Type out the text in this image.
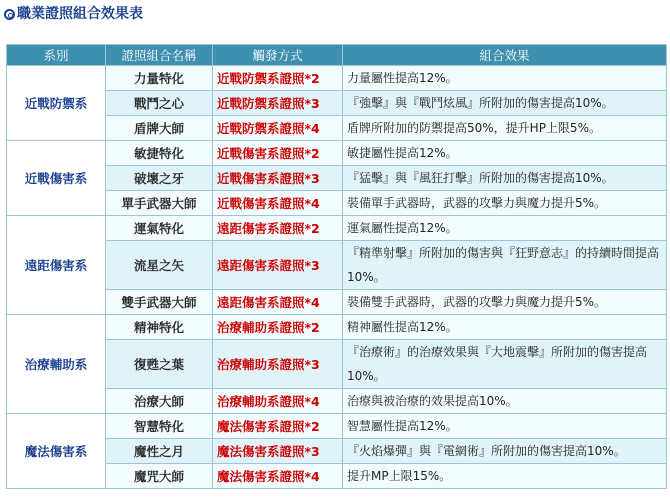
職業證照組合效果表
系別	證照組合名稱	觸發方式	組合效果
近戰防禦系	力量特化	近戰防禦系證照*2	力量屬性提高12%。
	戰鬥之心	近戰防禦系證照*3	『強擊』與『戰鬥炫風』所附加的傷害提高10%。
	盾牌大師	近戰防禦系證照*4	盾牌所附加的防禦提高50%，提升HP上限5%。
近戰傷害系	敏捷特化	近戰傷害系證照*2	敏捷屬性提高12%。
	破壞之牙	近戰傷害系證照*3	『猛擊』與『風狂打擊』所附加的傷害提高10%。
	單手武器大師	近戰傷害系證照*4	裝備單手武器時，武器的攻擊力與魔力提升5%。
遠距傷害系	運氣特化	遠距傷害系證照*2	運氣屬性提高12%。
	流星之矢	遠距傷害系證照*3	『精準射擊』所附加的傷害與『狂野意志』的持續時間提高10%。
	雙手武器大師	遠距傷害系證照*4	裝備雙手武器時，武器的攻擊力與魔力提升5%。
治療輔助系	精神特化	治療輔助系證照*2	精神屬性提高12%。
	復甦之葉	治療輔助系證照*3	『治療術』的治療效果與『大地震擊』所附加的傷害提高10%。
	治療大師	治療輔助系證照*4	治療與被治療的效果提高10%。
魔法傷害系	智慧特化	魔法傷害系證照*2	智慧屬性提高12%。
	魔性之月	魔法傷害系證照*3	『火焰爆彈』與『電網術』所附加的傷害提高10%。
	魔咒大師	魔法傷害系證照*4	提升MP上限15%。
